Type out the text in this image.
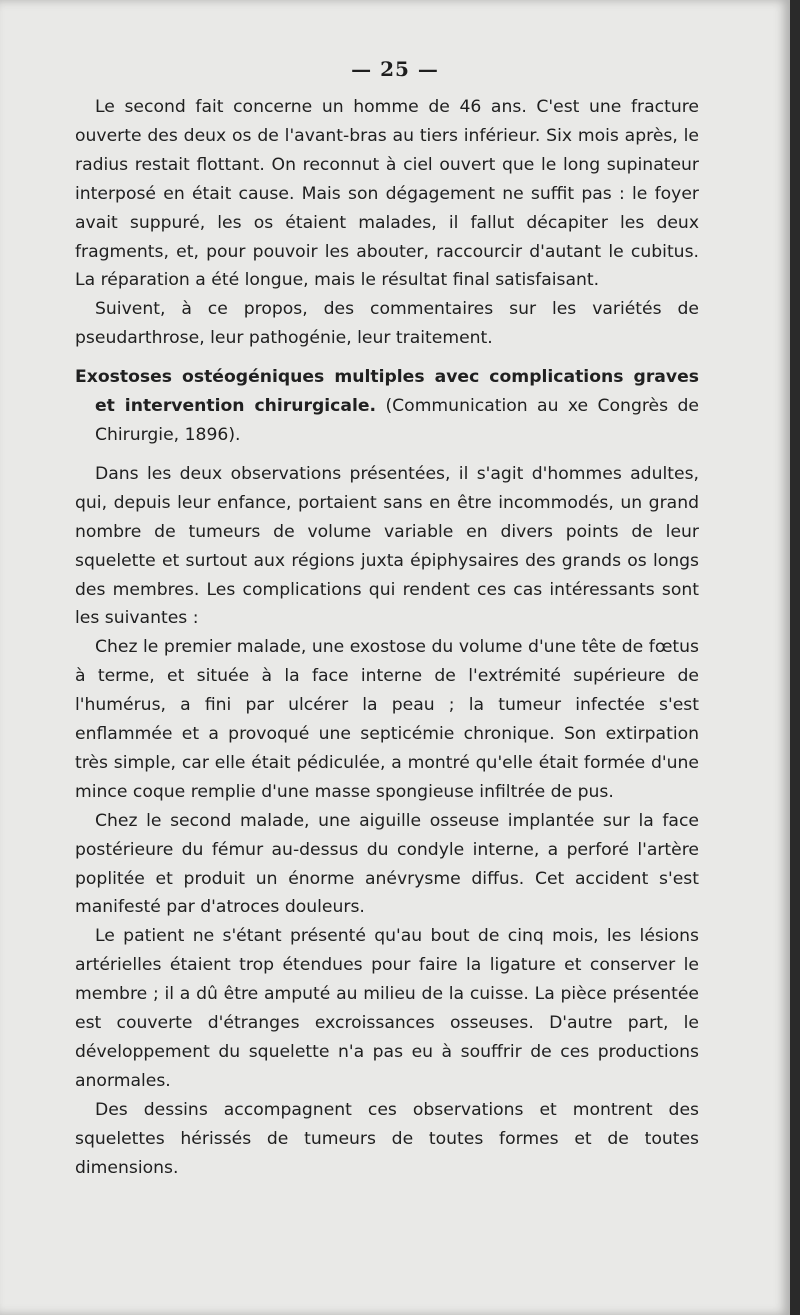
— 25 —

Le second fait concerne un homme de 46 ans. C'est une fracture ouverte des deux os de l'avant-bras au tiers inférieur. Six mois après, le radius restait flottant. On reconnut à ciel ouvert que le long supinateur interposé en était cause. Mais son dégagement ne suffit pas : le foyer avait suppuré, les os étaient malades, il fallut décapiter les deux fragments, et, pour pouvoir les abouter, raccourcir d'autant le cubitus. La réparation a été longue, mais le résultat final satisfaisant.

Suivent, à ce propos, des commentaires sur les variétés de pseudarthrose, leur pathogénie, leur traitement.

Exostoses ostéogéniques multiples avec complications graves et intervention chirurgicale. (Communication au xe Congrès de Chirurgie, 1896).

Dans les deux observations présentées, il s'agit d'hommes adultes, qui, depuis leur enfance, portaient sans en être incommodés, un grand nombre de tumeurs de volume variable en divers points de leur squelette et surtout aux régions juxta épiphysaires des grands os longs des membres. Les complications qui rendent ces cas intéressants sont les suivantes :

Chez le premier malade, une exostose du volume d'une tête de fœtus à terme, et située à la face interne de l'extrémité supérieure de l'humérus, a fini par ulcérer la peau ; la tumeur infectée s'est enflammée et a provoqué une septicémie chronique. Son extirpation très simple, car elle était pédiculée, a montré qu'elle était formée d'une mince coque remplie d'une masse spongieuse infiltrée de pus.

Chez le second malade, une aiguille osseuse implantée sur la face postérieure du fémur au-dessus du condyle interne, a perforé l'artère poplitée et produit un énorme anévrysme diffus. Cet accident s'est manifesté par d'atroces douleurs.

Le patient ne s'étant présenté qu'au bout de cinq mois, les lésions artérielles étaient trop étendues pour faire la ligature et conserver le membre ; il a dû être amputé au milieu de la cuisse. La pièce présentée est couverte d'étranges excroissances osseuses. D'autre part, le développement du squelette n'a pas eu à souffrir de ces productions anormales.

Des dessins accompagnent ces observations et montrent des squelettes hérissés de tumeurs de toutes formes et de toutes dimensions.
